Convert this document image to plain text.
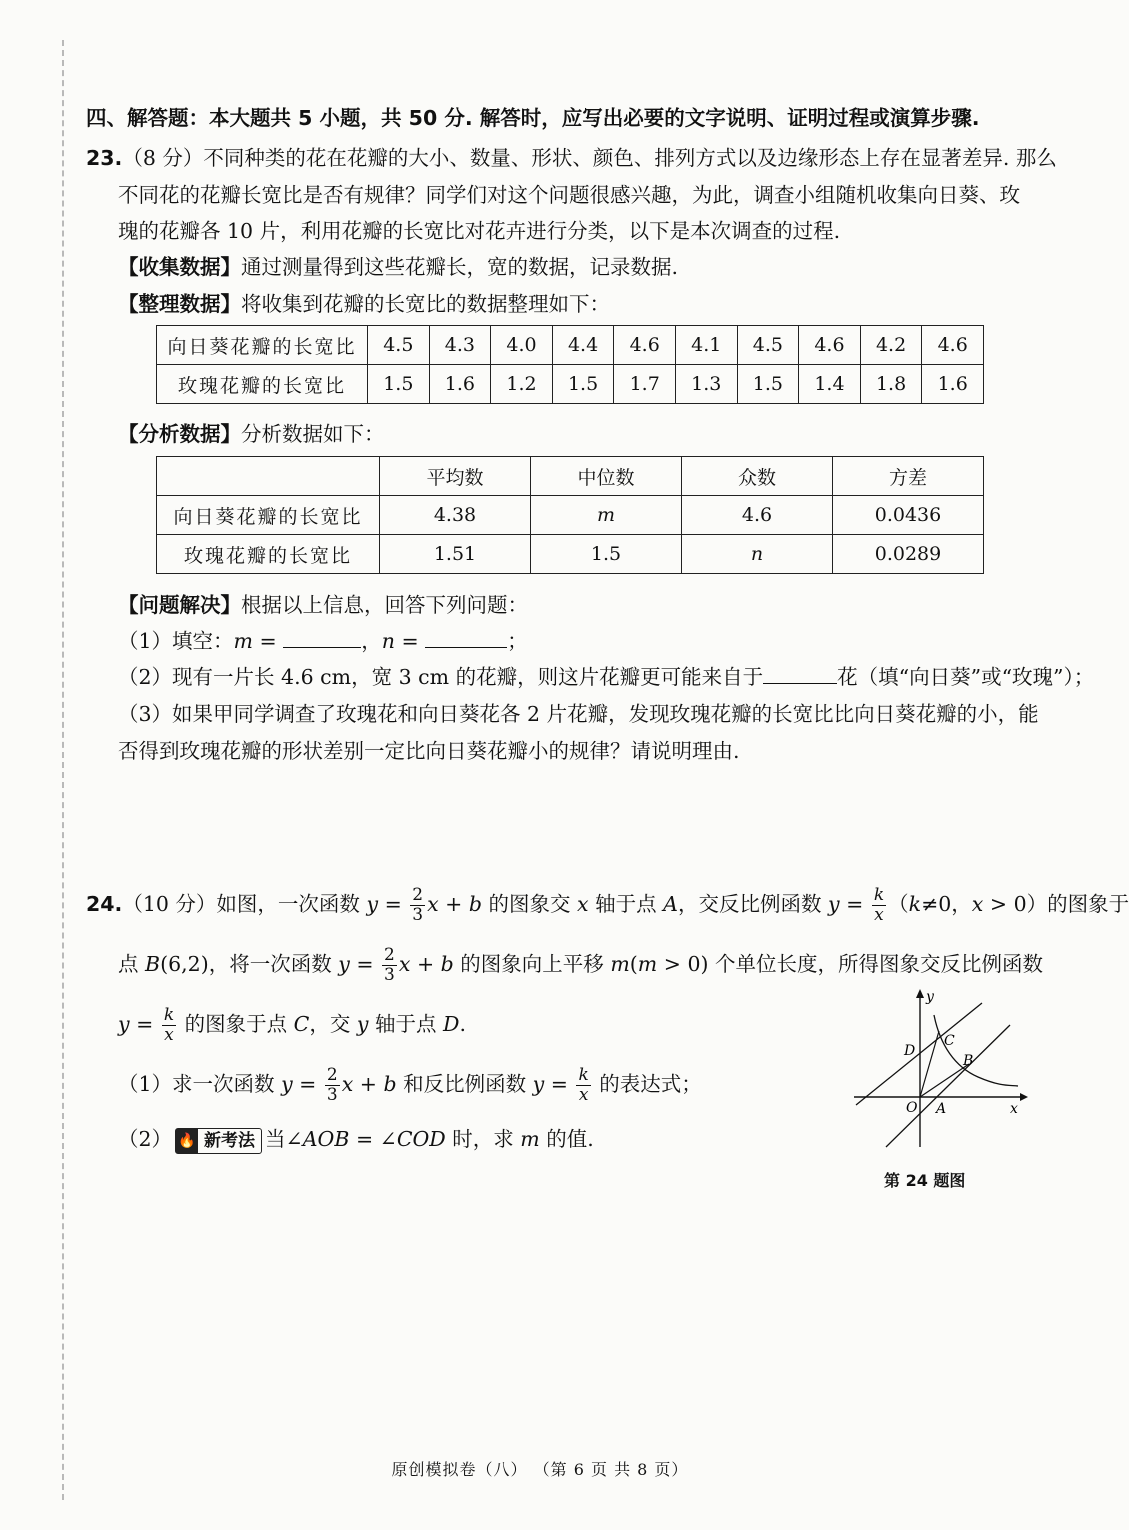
四、解答题：本大题共 5 小题，共 50 分. 解答时，应写出必要的文字说明、证明过程或演算步骤.
23.（8 分）不同种类的花在花瓣的大小、数量、形状、颜色、排列方式以及边缘形态上存在显著差异. 那么
不同花的花瓣长宽比是否有规律？同学们对这个问题很感兴趣，为此，调查小组随机收集向日葵、玫
瑰的花瓣各 10 片，利用花瓣的长宽比对花卉进行分类，以下是本次调查的过程.
【收集数据】通过测量得到这些花瓣长，宽的数据，记录数据.
【整理数据】将收集到花瓣的长宽比的数据整理如下：
向日葵花瓣的长宽比	4.5	4.3	4.0	4.4	4.6	4.1	4.5	4.6	4.2	4.6
玫瑰花瓣的长宽比	1.5	1.6	1.2	1.5	1.7	1.3	1.5	1.4	1.8	1.6
【分析数据】分析数据如下：
	平均数	中位数	众数	方差
向日葵花瓣的长宽比	4.38	m	4.6	0.0436
玫瑰花瓣的长宽比	1.51	1.5	n	0.0289
【问题解决】根据以上信息，回答下列问题：
（1）填空：m =	，n =	；
（2）现有一片长 4.6 cm，宽 3 cm 的花瓣，则这片花瓣更可能来自于	花（填“向日葵”或“玫瑰”）；
（3）如果甲同学调查了玫瑰花和向日葵花各 2 片花瓣，发现玫瑰花瓣的长宽比比向日葵花瓣的小，能
否得到玫瑰花瓣的形状差别一定比向日葵花瓣小的规律？请说明理由.
24.（10 分）如图，一次函数 $y = \frac{2}{3}$ x + b 的图象交 x 轴于点 A，交反比例函数 $y = \frac{k}{x} (k\ne 0$，x > 0）的图象于
点 B(6,2)，将一次函数 $y = \frac{2}{3}$ x + b 的图象向上平移 m(m > 0) 个单位长度，所得图象交反比例函数
$y = \frac{k}{x}$ 的图象于点 C，交 y 轴于点 D.
（1）求一次函数 $y = \frac{2}{3}$ x + b 和反比例函数 $y = \frac{k}{x}$ 的表达式；
（2） 🔥 新考法 当∠AOB = ∠COD 时，求 m 的值.
y
x
O A
B
C
D
第 24 题图
原创模拟卷（八） （第 6 页 共 8 页）
